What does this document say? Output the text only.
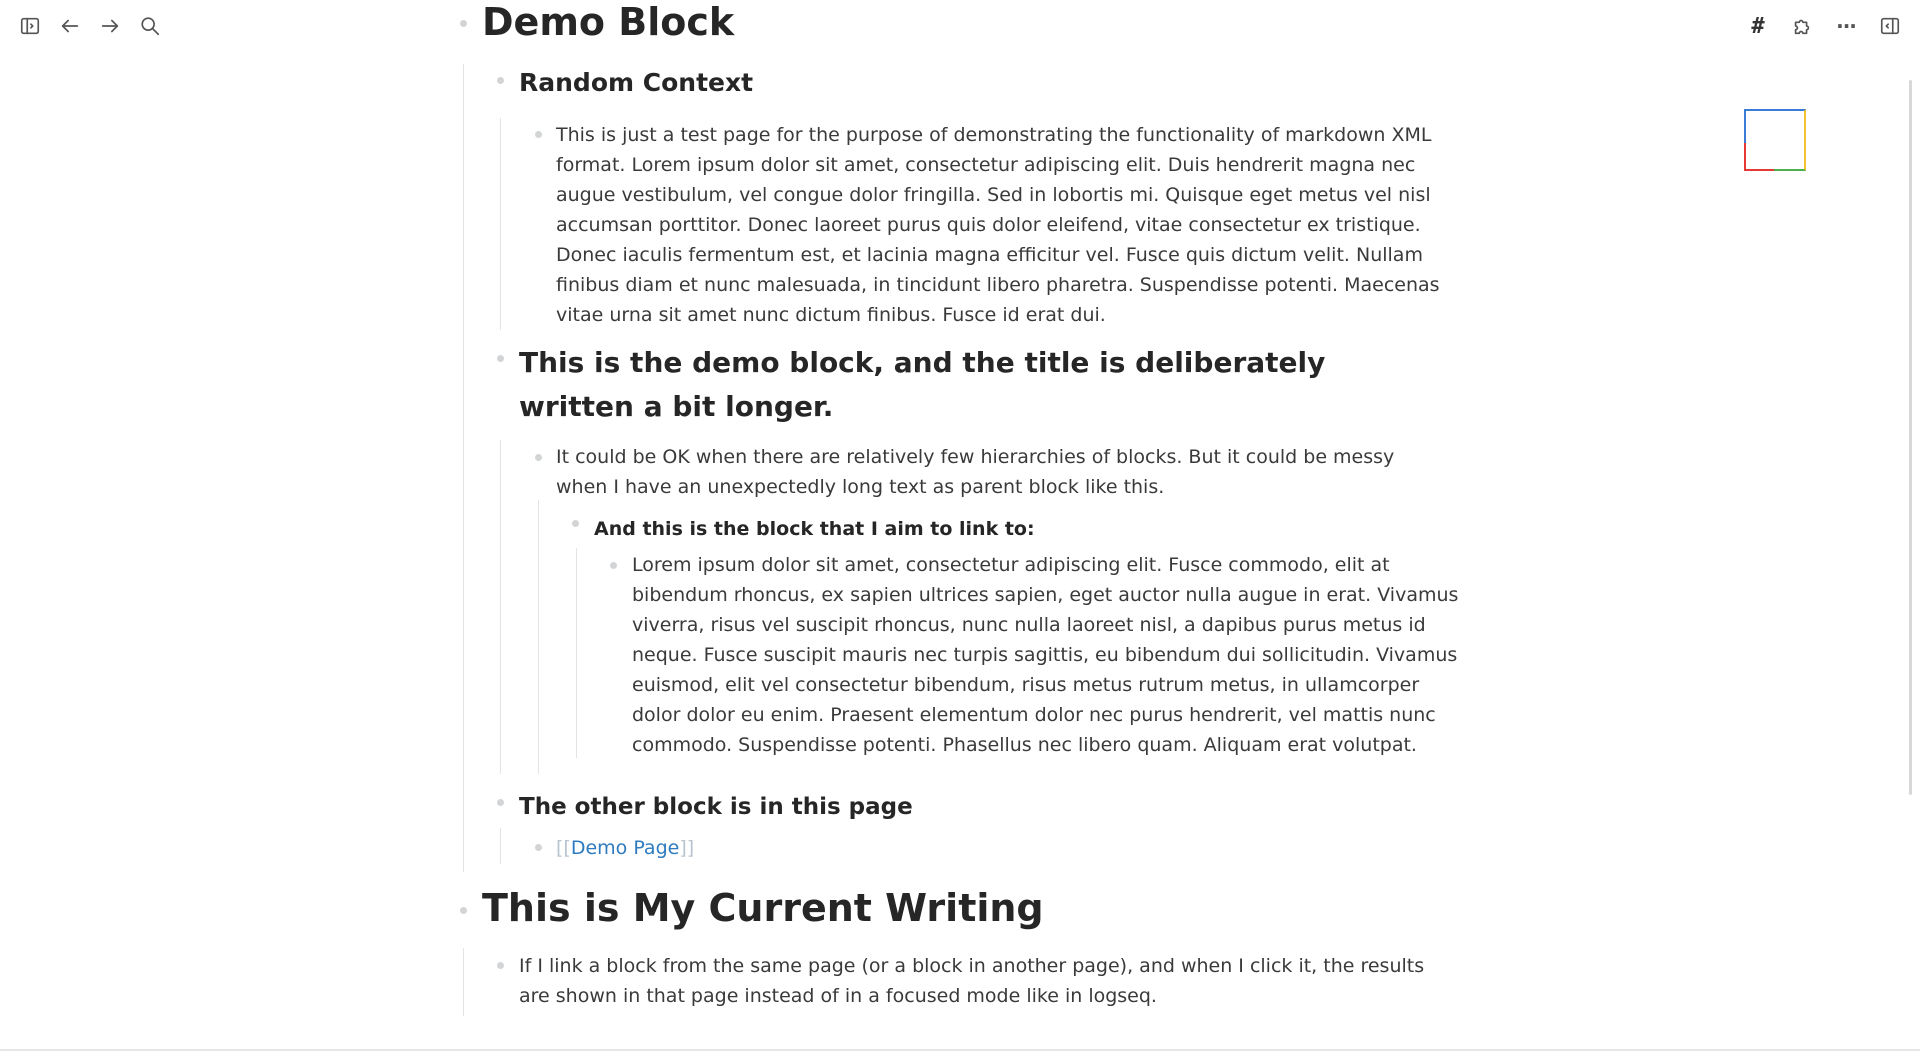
#	···
Demo Block
Random Context
This is just a test page for the purpose of demonstrating the functionality of markdown XML format. Lorem ipsum dolor sit amet, consectetur adipiscing elit. Duis hendrerit magna nec augue vestibulum, vel congue dolor fringilla. Sed in lobortis mi. Quisque eget metus vel nisl accumsan porttitor. Donec laoreet purus quis dolor eleifend, vitae consectetur ex tristique. Donec iaculis fermentum est, et lacinia magna efficitur vel. Fusce quis dictum velit. Nullam finibus diam et nunc malesuada, in tincidunt libero pharetra. Suspendisse potenti. Maecenas vitae urna sit amet nunc dictum finibus. Fusce id erat dui.
This is the demo block, and the title is deliberately written a bit longer.
It could be OK when there are relatively few hierarchies of blocks. But it could be messy when I have an unexpectedly long text as parent block like this.
And this is the block that I aim to link to:
Lorem ipsum dolor sit amet, consectetur adipiscing elit. Fusce commodo, elit at bibendum rhoncus, ex sapien ultrices sapien, eget auctor nulla augue in erat. Vivamus viverra, risus vel suscipit rhoncus, nunc nulla laoreet nisl, a dapibus purus metus id neque. Fusce suscipit mauris nec turpis sagittis, eu bibendum dui sollicitudin. Vivamus euismod, elit vel consectetur bibendum, risus metus rutrum metus, in ullamcorper dolor dolor eu enim. Praesent elementum dolor nec purus hendrerit, vel mattis nunc commodo. Suspendisse potenti. Phasellus nec libero quam. Aliquam erat volutpat.
The other block is in this page
[[Demo Page]]
This is My Current Writing
If I link a block from the same page (or a block in another page), and when I click it, the results are shown in that page instead of in a focused mode like in logseq.
